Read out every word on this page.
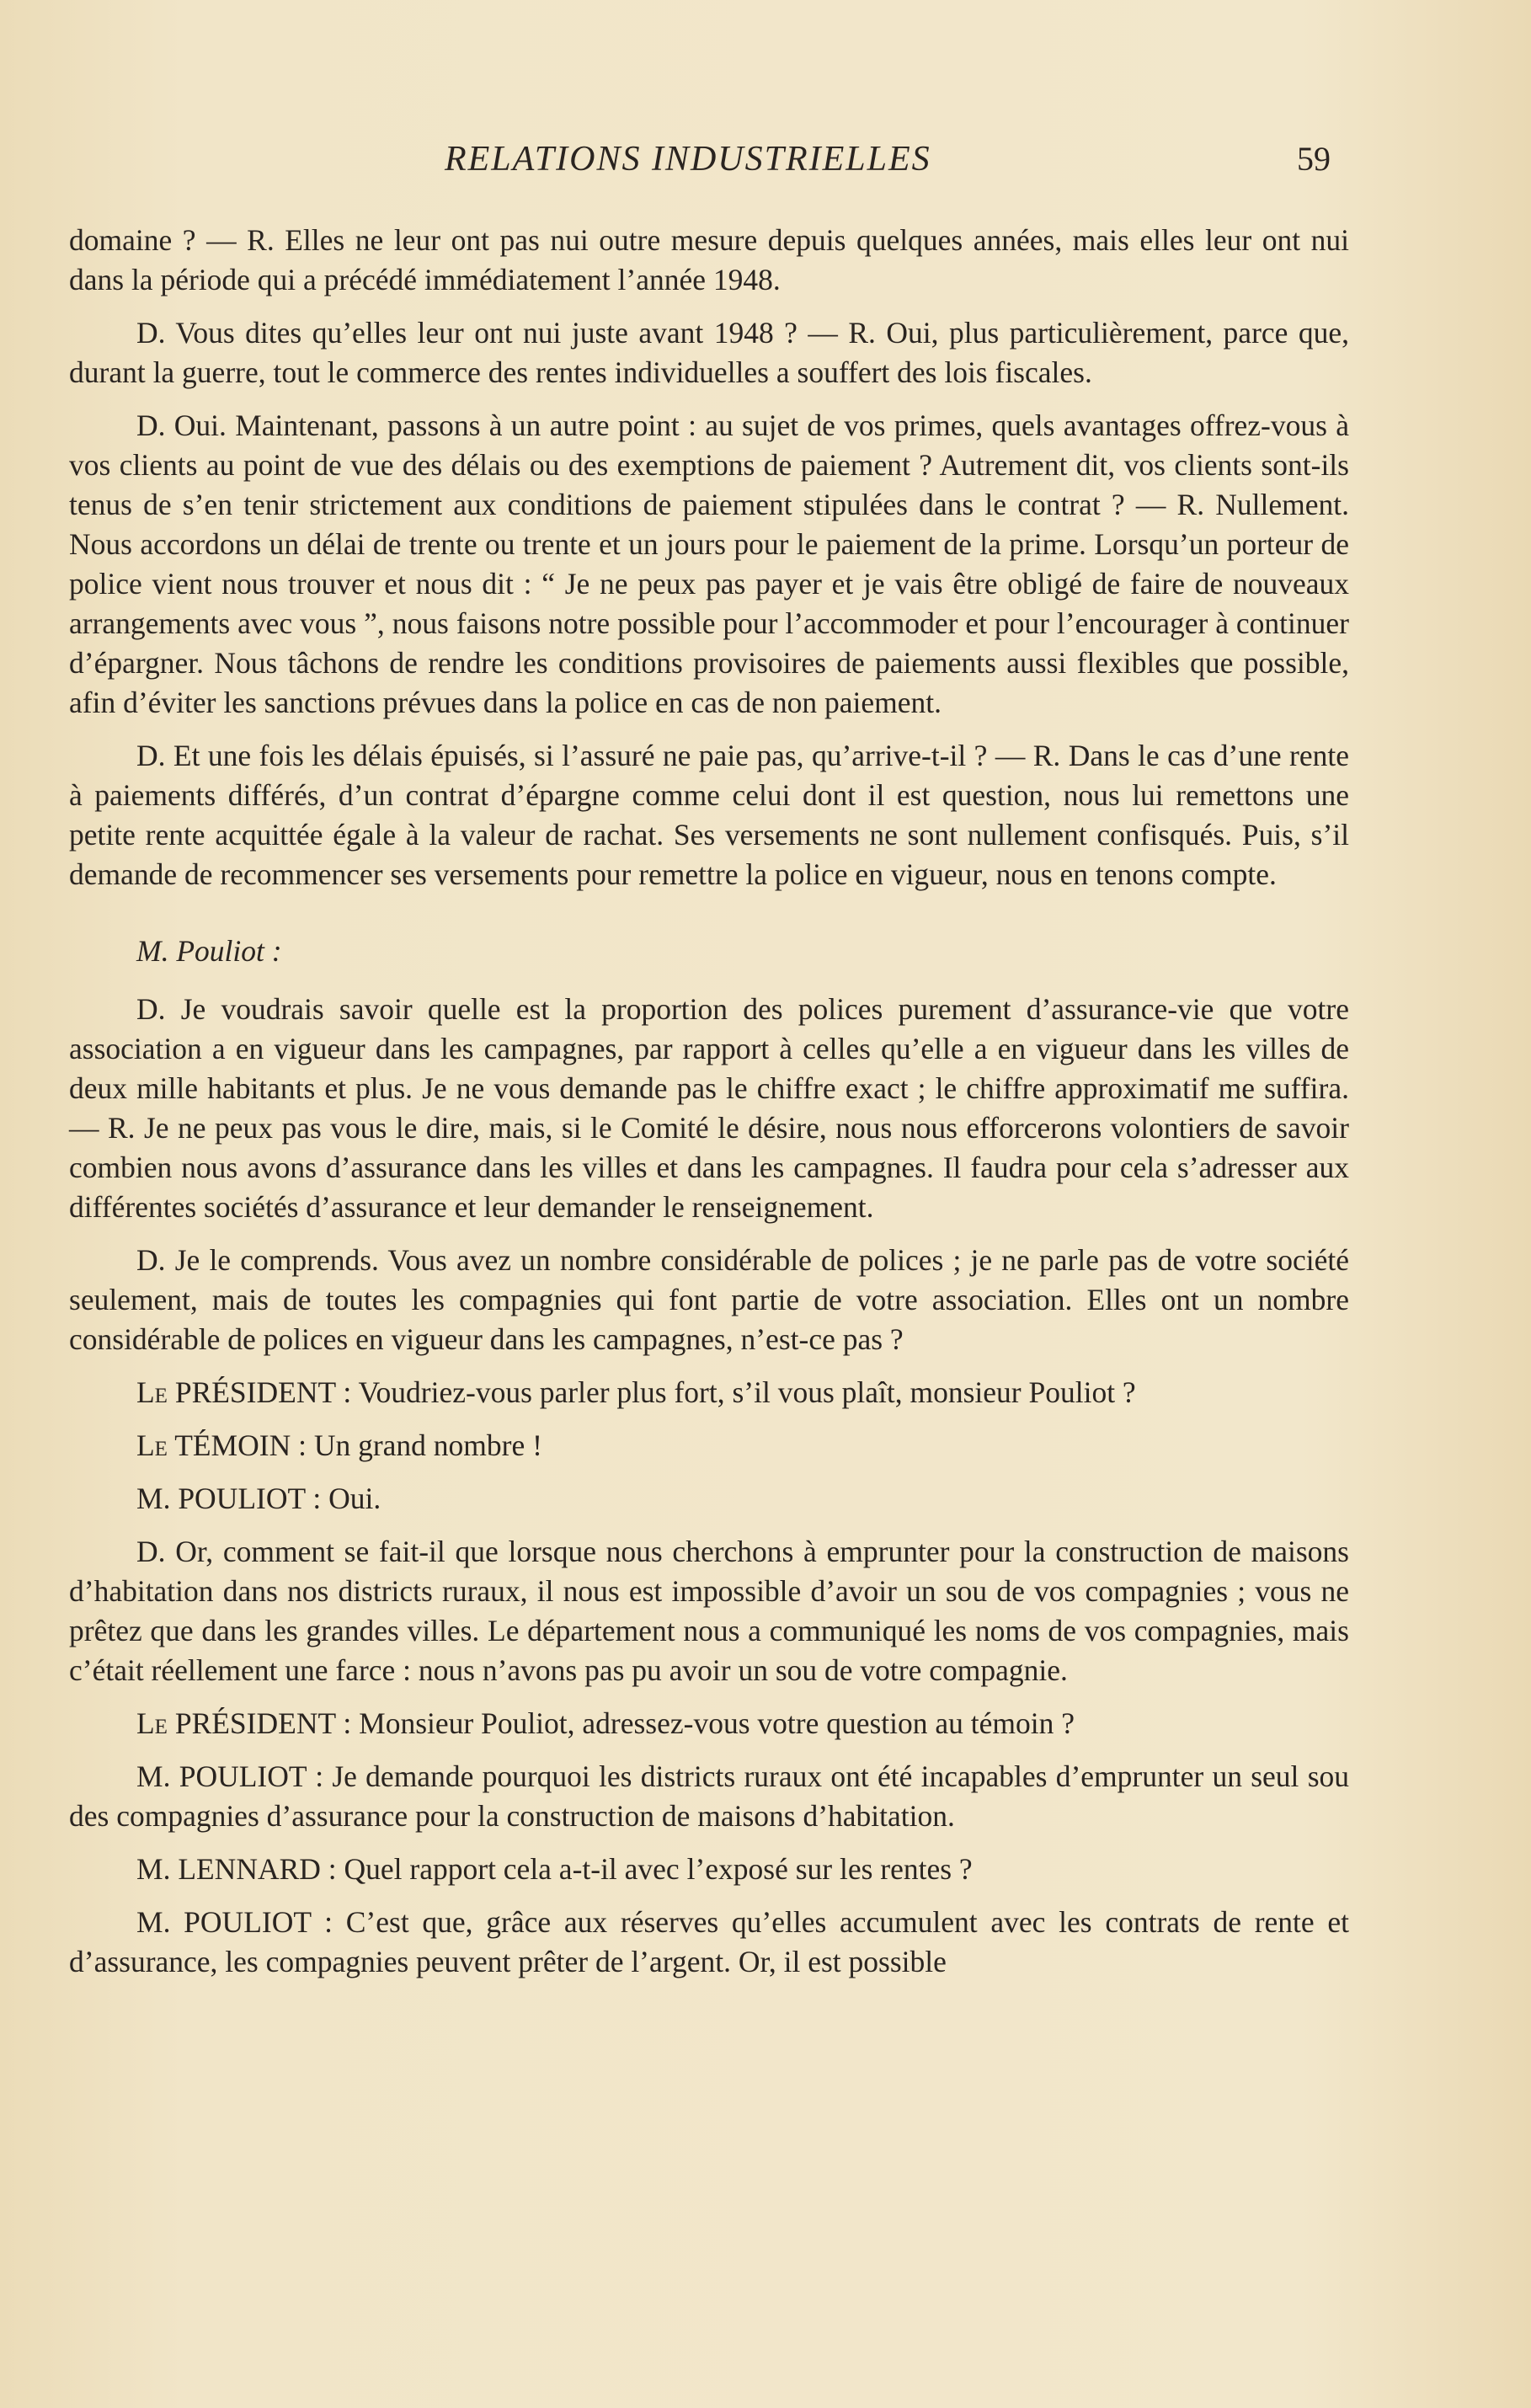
RELATIONS INDUSTRIELLES	59

domaine ? — R. Elles ne leur ont pas nui outre mesure depuis quelques années, mais elles leur ont nui dans la période qui a précédé immédiatement l’année 1948.

D. Vous dites qu’elles leur ont nui juste avant 1948 ? — R. Oui, plus particulièrement, parce que, durant la guerre, tout le commerce des rentes individuelles a souffert des lois fiscales.

D. Oui. Maintenant, passons à un autre point : au sujet de vos primes, quels avantages offrez-vous à vos clients au point de vue des délais ou des exemptions de paiement ? Autrement dit, vos clients sont-ils tenus de s’en tenir strictement aux conditions de paiement stipulées dans le contrat ? — R. Nullement. Nous accordons un délai de trente ou trente et un jours pour le paiement de la prime. Lorsqu’un porteur de police vient nous trouver et nous dit : “ Je ne peux pas payer et je vais être obligé de faire de nouveaux arrangements avec vous ”, nous faisons notre possible pour l’accommoder et pour l’encourager à continuer d’épargner. Nous tâchons de rendre les conditions provisoires de paiements aussi flexibles que possible, afin d’éviter les sanctions prévues dans la police en cas de non paiement.

D. Et une fois les délais épuisés, si l’assuré ne paie pas, qu’arrive-t-il ? — R. Dans le cas d’une rente à paiements différés, d’un contrat d’épargne comme celui dont il est question, nous lui remettons une petite rente acquittée égale à la valeur de rachat. Ses versements ne sont nullement confisqués. Puis, s’il demande de recommencer ses versements pour remettre la police en vigueur, nous en tenons compte.

M. Pouliot :

D. Je voudrais savoir quelle est la proportion des polices purement d’assurance-vie que votre association a en vigueur dans les campagnes, par rapport à celles qu’elle a en vigueur dans les villes de deux mille habitants et plus. Je ne vous demande pas le chiffre exact ; le chiffre approximatif me suffira. — R. Je ne peux pas vous le dire, mais, si le Comité le désire, nous nous efforcerons volontiers de savoir combien nous avons d’assurance dans les villes et dans les campagnes. Il faudra pour cela s’adresser aux différentes sociétés d’assurance et leur demander le renseignement.

D. Je le comprends. Vous avez un nombre considérable de polices ; je ne parle pas de votre société seulement, mais de toutes les compagnies qui font partie de votre association. Elles ont un nombre considérable de polices en vigueur dans les campagnes, n’est-ce pas ?

Le PRÉSIDENT : Voudriez-vous parler plus fort, s’il vous plaît, monsieur Pouliot ?

Le TÉMOIN : Un grand nombre !

M. POULIOT : Oui.

D. Or, comment se fait-il que lorsque nous cherchons à emprunter pour la construction de maisons d’habitation dans nos districts ruraux, il nous est impossible d’avoir un sou de vos compagnies ; vous ne prêtez que dans les grandes villes. Le département nous a communiqué les noms de vos compagnies, mais c’était réellement une farce : nous n’avons pas pu avoir un sou de votre compagnie.

Le PRÉSIDENT : Monsieur Pouliot, adressez-vous votre question au témoin ?

M. POULIOT : Je demande pourquoi les districts ruraux ont été incapables d’emprunter un seul sou des compagnies d’assurance pour la construction de maisons d’habitation.

M. LENNARD : Quel rapport cela a-t-il avec l’exposé sur les rentes ?

M. POULIOT : C’est que, grâce aux réserves qu’elles accumulent avec les contrats de rente et d’assurance, les compagnies peuvent prêter de l’argent. Or, il est possible
